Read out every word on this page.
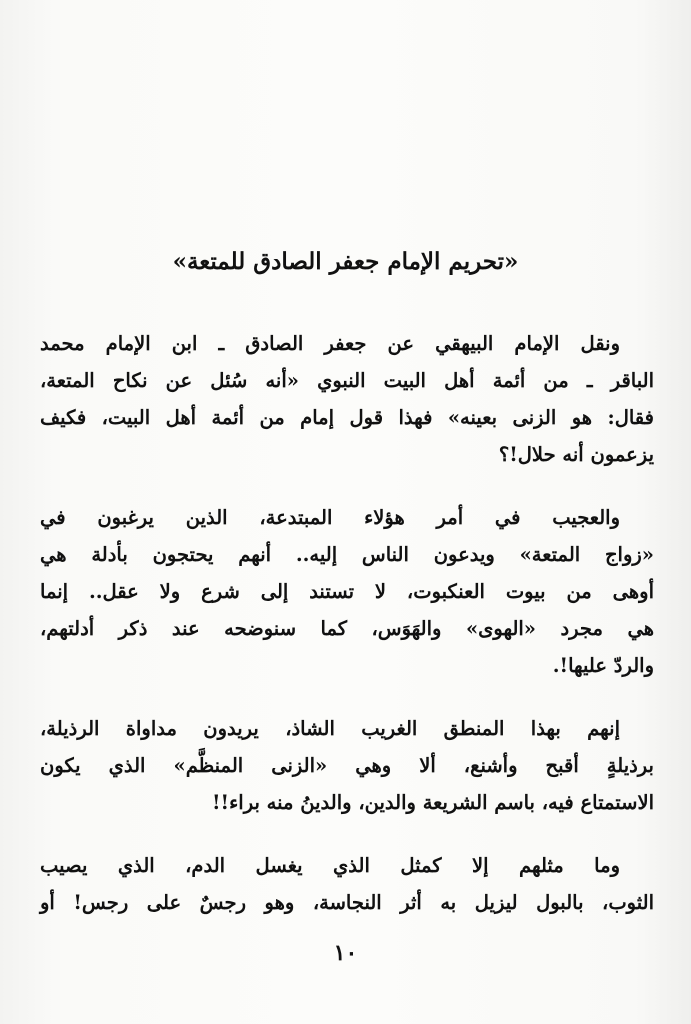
«تحريم الإمام جعفر الصادق للمتعة»
ونقل الإمام البيهقي عن جعفر الصادق ـ ابن الإمام محمد
الباقر ـ من أئمة أهل البيت النبوي «أنه سُئل عن نكاح المتعة،
فقال: هو الزنى بعينه» فهذا قول إمام من أئمة أهل البيت، فكيف
يزعمون أنه حلال!؟
والعجيب في أمر هؤلاء المبتدعة، الذين يرغبون في
«زواج المتعة» ويدعون الناس إليه.. أنهم يحتجون بأدلة هي
أوهى من بيوت العنكبوت، لا تستند إلى شرع ولا عقل.. إنما
هي مجرد «الهوى» والهَوَس، كما سنوضحه عند ذكر أدلتهم،
والردّ عليها!.
إنهم بهذا المنطق الغريب الشاذ، يريدون مداواة الرذيلة،
برذيلةٍ أقبح وأشنع، ألا وهي «الزنى المنظَّم» الذي يكون
الاستمتاع فيه، باسم الشريعة والدين، والدينُ منه براء!!
وما مثلهم إلا كمثل الذي يغسل الدم، الذي يصيب
الثوب، بالبول ليزيل به أثر النجاسة، وهو رجسٌ على رجس! أو
١٠
